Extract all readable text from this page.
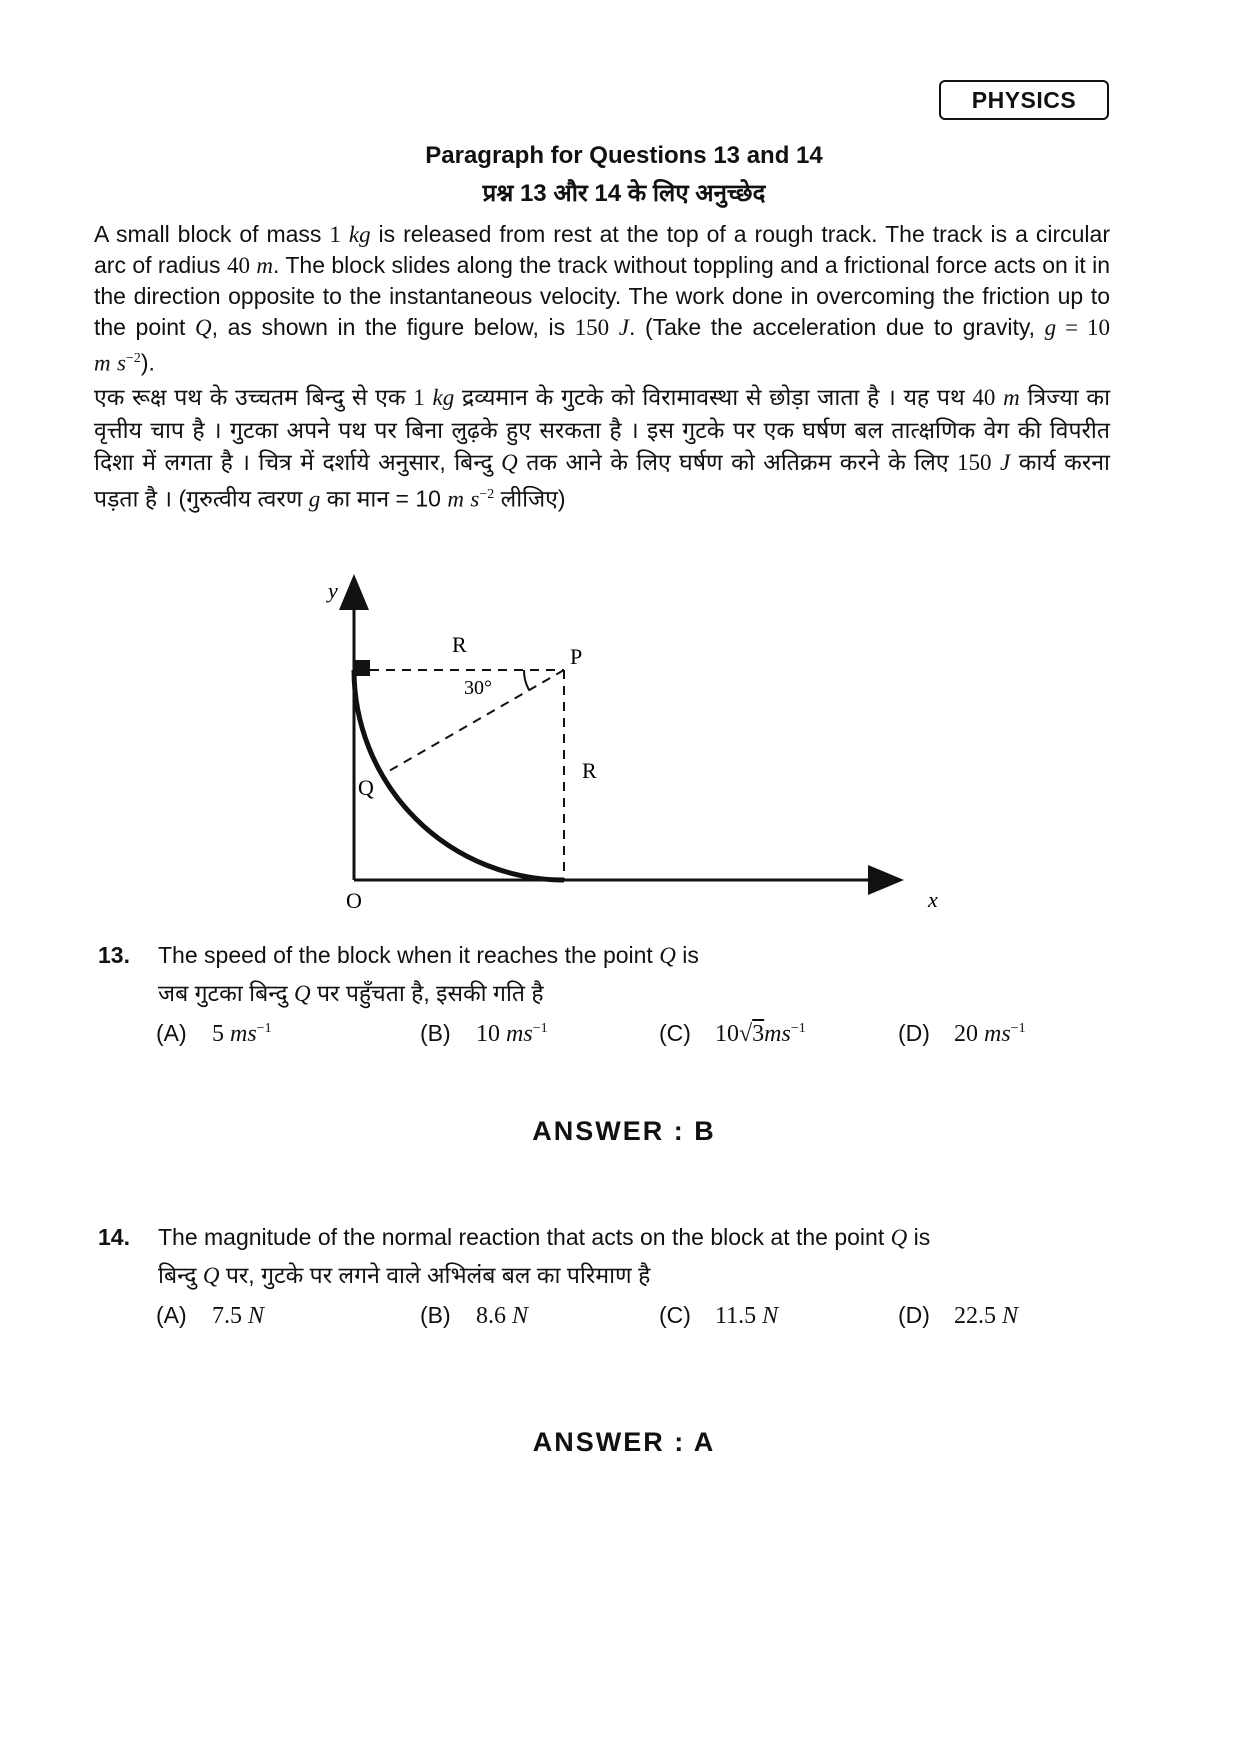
PHYSICS
Paragraph for Questions 13 and 14
प्रश्न 13 और 14 के लिए अनुच्छेद
A small block of mass 1 kg is released from rest at the top of a rough track. The track is a circular arc of radius 40 m. The block slides along the track without toppling and a frictional force acts on it in the direction opposite to the instantaneous velocity. The work done in overcoming the friction up to the point Q, as shown in the figure below, is 150 J. (Take the acceleration due to gravity, g = 10 m $s^{-2}$).
एक रूक्ष पथ के उच्चतम बिन्दु से एक 1 kg द्रव्यमान के गुटके को विरामावस्था से छोड़ा जाता है । यह पथ 40 m त्रिज्या का वृत्तीय चाप है । गुटका अपने पथ पर बिना लुढ़के हुए सरकता है । इस गुटके पर एक घर्षण बल तात्क्षणिक वेग की विपरीत दिशा में लगता है । चित्र में दर्शाये अनुसार, बिन्दु Q तक आने के लिए घर्षण को अतिक्रम करने के लिए 150 J कार्य करना पड़ता है । (गुरुत्वीय त्वरण g का मान = 10 m $s^{-2}$ लीजिए)
y
x
O
P
Q
R
R
30°
13. The speed of the block when it reaches the point Q is
जब गुटका बिन्दु Q पर पहुँचता है, इसकी गति है
(A) 5 $ms^{-1}$	(B) 10 $ms^{-1}$	(C) $10√3ms^{-1}$	(D) 20 $ms^{-1}$
ANSWER : B
14. The magnitude of the normal reaction that acts on the block at the point Q is
बिन्दु Q पर, गुटके पर लगने वाले अभिलंब बल का परिमाण है
(A) 7.5 N	(B) 8.6 N	(C) 11.5 N	(D) 22.5 N
ANSWER : A
